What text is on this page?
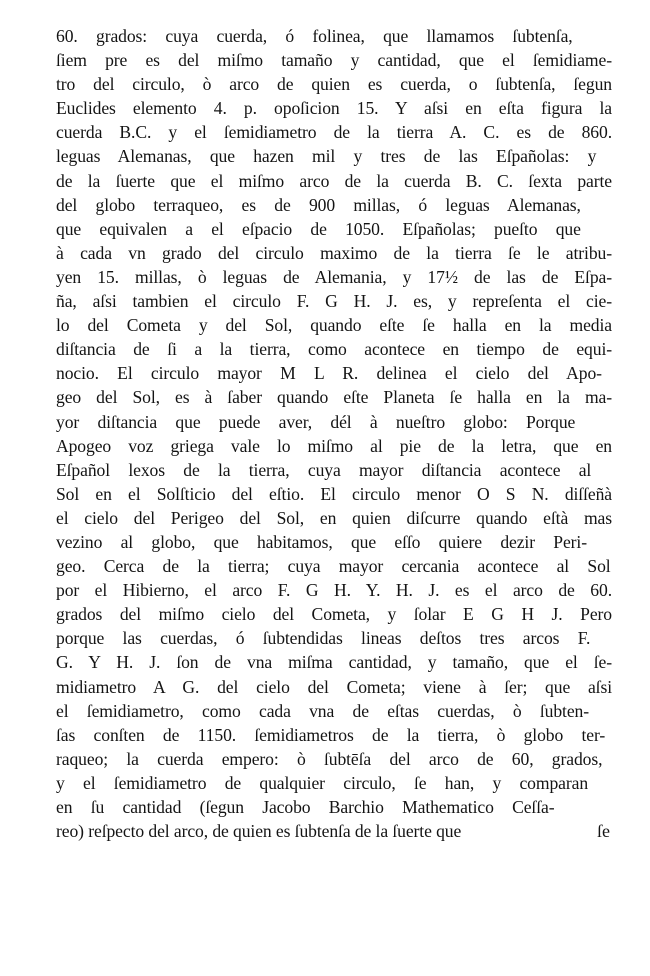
60. grados: cuya cuerda, ó folinea, que llamamos ſubtenſa,
ſiem pre es del miſmo tamaño y cantidad, que el ſemidiame-
tro del circulo, ò arco de quien es cuerda, o ſubtenſa, ſegun
Euclides elemento 4. p. opoſicion 15. Y aſsi en eſta figura la
cuerda B.C. y el ſemidiametro de la tierra A. C. es de 860.
leguas Alemanas, que hazen mil y tres de las Eſpañolas: y
de la ſuerte que el miſmo arco de la cuerda B. C. ſexta parte
del globo terraqueo, es de 900 millas, ó leguas Alemanas,
que equivalen a el eſpacio de 1050. Eſpañolas; pueſto que
à cada vn grado del circulo maximo de la tierra ſe le atribu-
yen 15. millas, ò leguas de Alemania, y 17½ de las de Eſpa-
ña, aſsi tambien el circulo F. G H. J. es, y repreſenta el cie-
lo del Cometa y del Sol, quando eſte ſe halla en la media
diſtancia de ſi a la tierra, como acontece en tiempo de equi-
nocio. El circulo mayor M L R. delinea el cielo del Apo-
geo del Sol, es à ſaber quando eſte Planeta ſe halla en la ma-
yor diſtancia que puede aver, dél à nueſtro globo: Porque
Apogeo voz griega vale lo miſmo al pie de la letra, que en
Eſpañol lexos de la tierra, cuya mayor diſtancia acontece al
Sol en el Solſticio del eſtio. El circulo menor O S N. diſſeñà
el cielo del Perigeo del Sol, en quien diſcurre quando eſtà mas
vezino al globo, que habitamos, que eſſo quiere dezir Peri-
geo. Cerca de la tierra; cuya mayor cercania acontece al Sol
por el Hibierno, el arco F. G H. Y. H. J. es el arco de 60.
grados del miſmo cielo del Cometa, y ſolar E G H J. Pero
porque las cuerdas, ó ſubtendidas lineas deſtos tres arcos F.
G. Y H. J. ſon de vna miſma cantidad, y tamaño, que el ſe-
midiametro A G. del cielo del Cometa; viene à ſer; que aſsi
el ſemidiametro, como cada vna de eſtas cuerdas, ò ſubten-
ſas conſten de 1150. ſemidiametros de la tierra, ò globo ter-
raqueo; la cuerda empero: ò ſubtēſa del arco de 60, grados,
y el ſemidiametro de qualquier circulo, ſe han, y comparan
en ſu cantidad (ſegun Jacobo Barchio Mathematico Ceſſa-
reo) reſpecto del arco, de quien es ſubtenſa de la ſuerte que	ſe
